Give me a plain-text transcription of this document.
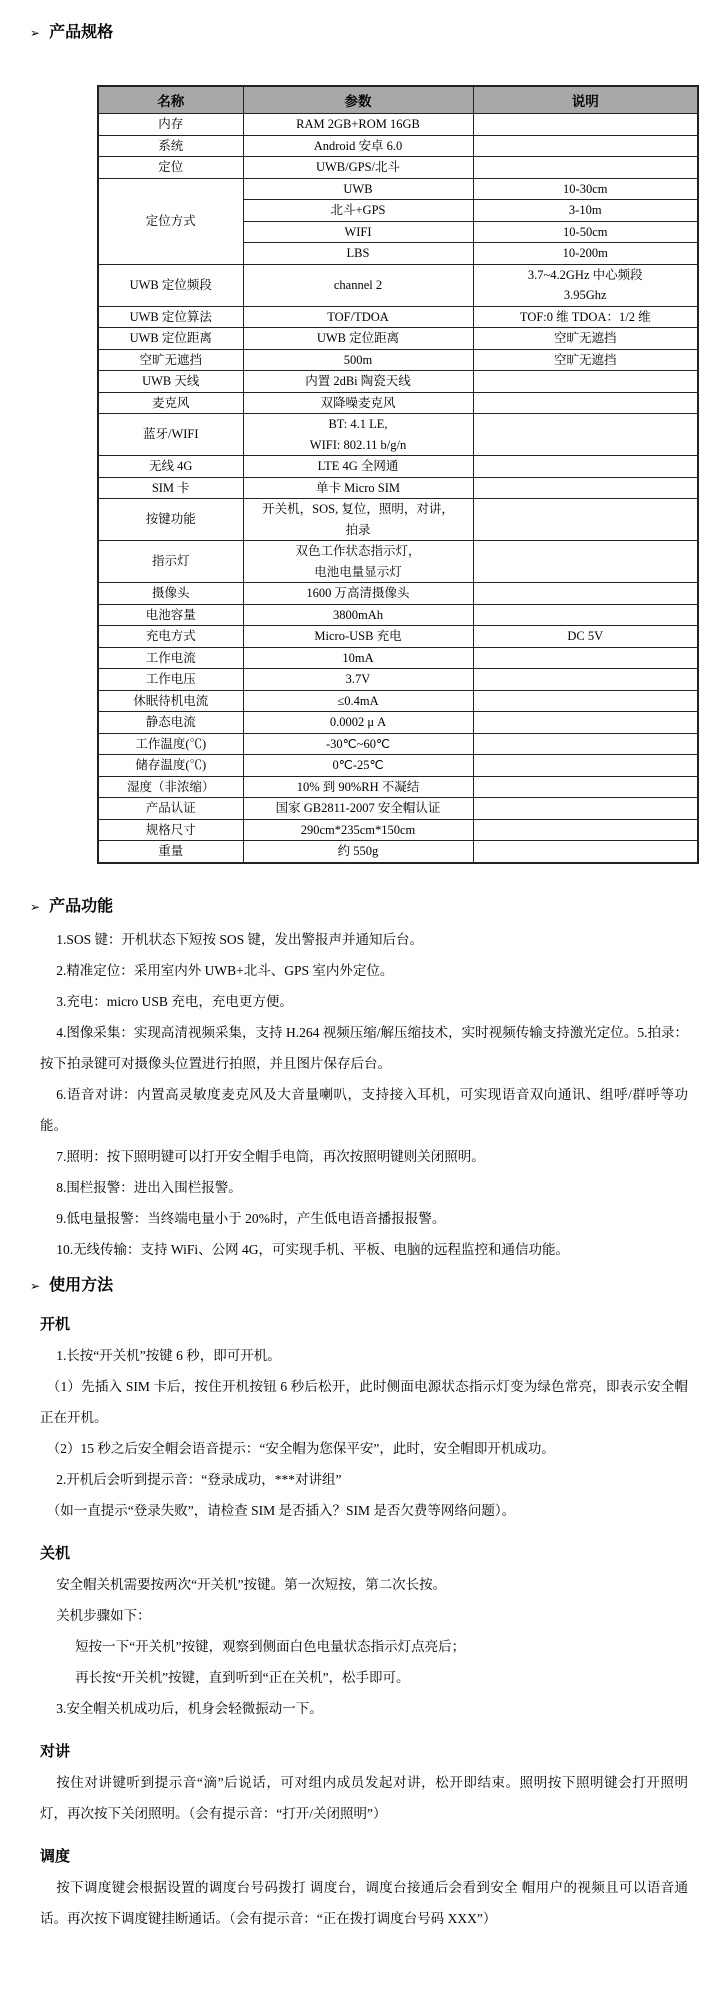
➢ 产品规格
名称	参数	说明

内存	RAM 2GB+ROM 16GB	

系统	Android 安卓 6.0	

定位	UWB/GPS/北斗	

定位方式	UWB	10-30cm

	北斗+GPS	3-10m

	WIFI	10-50cm

	LBS	10-200m

UWB 定位频段	channel 2	3.7~4.2GHz 中心频段
3.95Ghz

UWB 定位算法	TOF/TDOA	TOF:0 维 TDOA：1/2 维

UWB 定位距离	UWB 定位距离	空旷无遮挡

空旷无遮挡	500m	空旷无遮挡

UWB 天线	内置 2dBi 陶瓷天线	

麦克风	双降噪麦克风	

蓝牙/WIFI	BT: 4.1 LE,
WIFI: 802.11 b/g/n	

无线 4G	LTE 4G 全网通	

SIM 卡	单卡 Micro SIM	

按键功能	开关机，SOS, 复位，照明，对讲，
拍录	

指示灯	双色工作状态指示灯，
电池电量显示灯	

摄像头	1600 万高清摄像头	

电池容量	3800mAh	

充电方式	Micro-USB 充电	DC 5V

工作电流	10mA	

工作电压	3.7V	

休眠待机电流	≤0.4mA	

静态电流	0.0002 μ A	

工作温度(℃)	-30℃~60℃	

储存温度(℃)	0℃-25℃	

湿度（非浓缩）	10% 到 90%RH 不凝结	

产品认证	国家 GB2811-2007 安全帽认证	

规格尺寸	290cm*235cm*150cm	

重量	约 550g	

➢ 产品功能

1.SOS 键：开机状态下短按 SOS 键，发出警报声并通知后台。

2.精准定位：采用室内外 UWB+北斗、GPS 室内外定位。

3.充电：micro USB 充电，充电更方便。

4.图像采集：实现高清视频采集，支持 H.264 视频压缩/解压缩技术，实时视频传输支持激光定位。5.拍录：按下拍录键可对摄像头位置进行拍照，并且图片保存后台。

6.语音对讲：内置高灵敏度麦克风及大音量喇叭，支持接入耳机，可实现语音双向通讯、组呼/群呼等功能。

7.照明：按下照明键可以打开安全帽手电筒，再次按照明键则关闭照明。

8.围栏报警：进出入围栏报警。

9.低电量报警：当终端电量小于 20%时，产生低电语音播报报警。

10.无线传输：支持 WiFi、公网 4G，可实现手机、平板、电脑的远程监控和通信功能。

➢ 使用方法
开机

1.长按“开关机”按键 6 秒，即可开机。

（1）先插入 SIM 卡后，按住开机按钮 6 秒后松开，此时侧面电源状态指示灯变为绿色常亮，即表示安全帽正在开机。

（2）15 秒之后安全帽会语音提示：“安全帽为您保平安”，此时，安全帽即开机成功。

2.开机后会听到提示音：“登录成功，***对讲组”

（如一直提示“登录失败”，请检查 SIM 是否插入？SIM 是否欠费等网络问题）。

关机

安全帽关机需要按两次“开关机”按键。第一次短按，第二次长按。

关机步骤如下：

短按一下“开关机”按键，观察到侧面白色电量状态指示灯点亮后；

再长按“开关机”按键，直到听到“正在关机”，松手即可。

3.安全帽关机成功后，机身会轻微振动一下。

对讲

按住对讲键听到提示音“滴”后说话，可对组内成员发起对讲，松开即结束。照明按下照明键会打开照明灯，再次按下关闭照明。（会有提示音：“打开/关闭照明”）

调度

按下调度键会根据设置的调度台号码拨打 调度台，调度台接通后会看到安全 帽用户的视频且可以语音通话。再次按下调度键挂断通话。（会有提示音：“正在拨打调度台号码 XXX”）
